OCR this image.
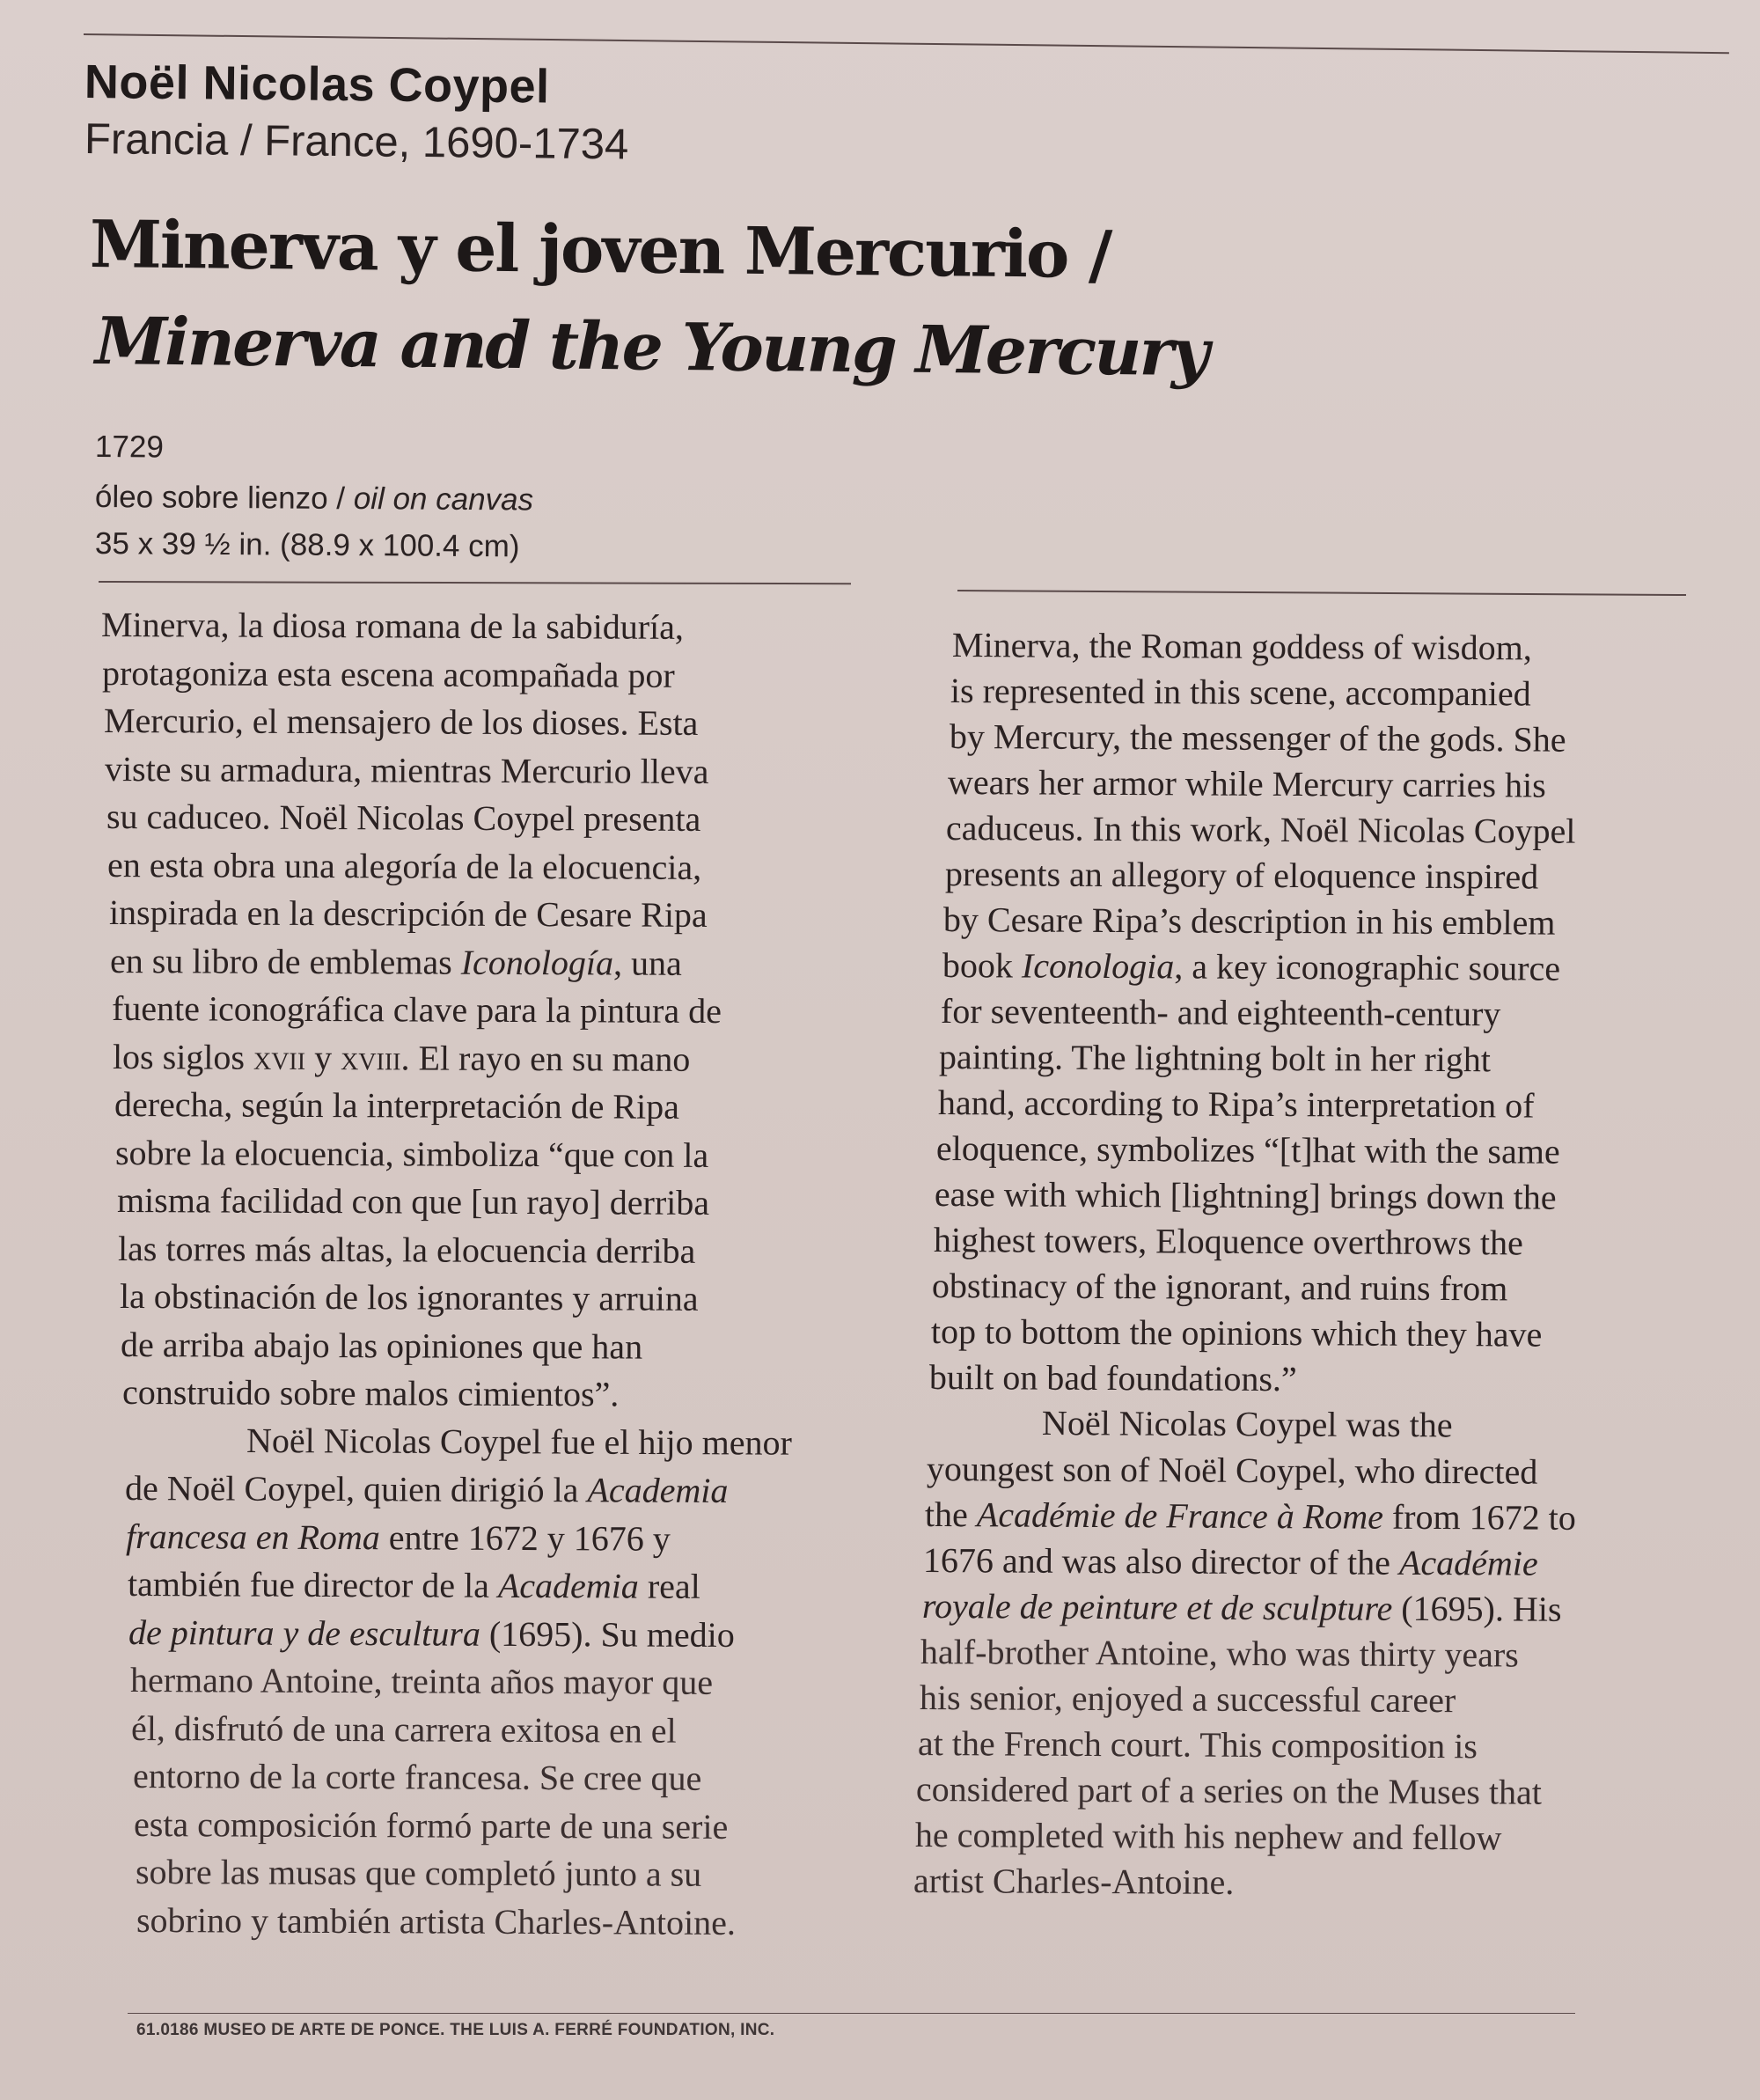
Noël Nicolas Coypel
Francia / France, 1690-1734
Minerva y el joven Mercurio /
Minerva and the Young Mercury
1729
óleo sobre lienzo / oil on canvas
35 x 39 ½ in. (88.9 x 100.4 cm)
Minerva, la diosa romana de la sabiduría,
protagoniza esta escena acompañada por
Mercurio, el mensajero de los dioses. Esta
viste su armadura, mientras Mercurio lleva
su caduceo. Noël Nicolas Coypel presenta
en esta obra una alegoría de la elocuencia,
inspirada en la descripción de Cesare Ripa
en su libro de emblemas Iconología, una
fuente iconográfica clave para la pintura de
los siglos xvii y xviii. El rayo en su mano
derecha, según la interpretación de Ripa
sobre la elocuencia, simboliza “que con la
misma facilidad con que [un rayo] derriba
las torres más altas, la elocuencia derriba
la obstinación de los ignorantes y arruina
de arriba abajo las opiniones que han
construido sobre malos cimientos”.
Noël Nicolas Coypel fue el hijo menor
de Noël Coypel, quien dirigió la Academia
francesa en Roma entre 1672 y 1676 y
también fue director de la Academia real
de pintura y de escultura (1695). Su medio
hermano Antoine, treinta años mayor que
él, disfrutó de una carrera exitosa en el
entorno de la corte francesa. Se cree que
esta composición formó parte de una serie
sobre las musas que completó junto a su
sobrino y también artista Charles-Antoine.
Minerva, the Roman goddess of wisdom,
is represented in this scene, accompanied
by Mercury, the messenger of the gods. She
wears her armor while Mercury carries his
caduceus. In this work, Noël Nicolas Coypel
presents an allegory of eloquence inspired
by Cesare Ripa’s description in his emblem
book Iconologia, a key iconographic source
for seventeenth- and eighteenth-century
painting. The lightning bolt in her right
hand, according to Ripa’s interpretation of
eloquence, symbolizes “[t]hat with the same
ease with which [lightning] brings down the
highest towers, Eloquence overthrows the
obstinacy of the ignorant, and ruins from
top to bottom the opinions which they have
built on bad foundations.”
Noël Nicolas Coypel was the
youngest son of Noël Coypel, who directed
the Académie de France à Rome from 1672 to
1676 and was also director of the Académie
royale de peinture et de sculpture (1695). His
half-brother Antoine, who was thirty years
his senior, enjoyed a successful career
at the French court. This composition is
considered part of a series on the Muses that
he completed with his nephew and fellow
artist Charles-Antoine.
61.0186 MUSEO DE ARTE DE PONCE. THE LUIS A. FERRÉ FOUNDATION, INC.
